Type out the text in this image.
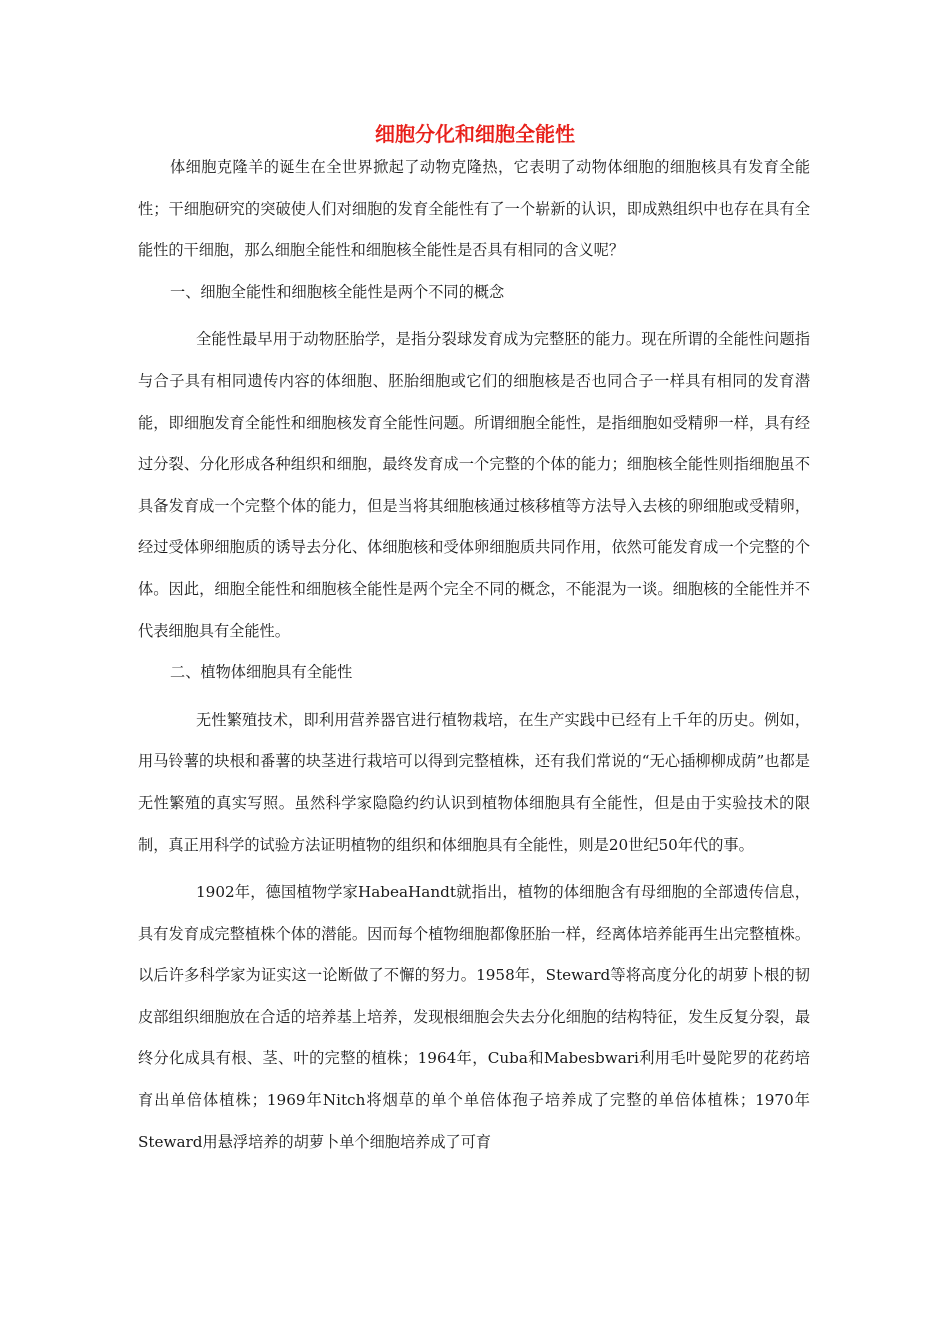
细胞分化和细胞全能性

体细胞克隆羊的诞生在全世界掀起了动物克隆热，它表明了动物体细胞的细胞核具有发育全能性；干细胞研究的突破使人们对细胞的发育全能性有了一个崭新的认识，即成熟组织中也存在具有全能性的干细胞，那么细胞全能性和细胞核全能性是否具有相同的含义呢？

一、细胞全能性和细胞核全能性是两个不同的概念

全能性最早用于动物胚胎学，是指分裂球发育成为完整胚的能力。现在所谓的全能性问题指与合子具有相同遗传内容的体细胞、胚胎细胞或它们的细胞核是否也同合子一样具有相同的发育潜能，即细胞发育全能性和细胞核发育全能性问题。所谓细胞全能性，是指细胞如受精卵一样，具有经过分裂、分化形成各种组织和细胞，最终发育成一个完整的个体的能力；细胞核全能性则指细胞虽不具备发育成一个完整个体的能力，但是当将其细胞核通过核移植等方法导入去核的卵细胞或受精卵，经过受体卵细胞质的诱导去分化、体细胞核和受体卵细胞质共同作用，依然可能发育成一个完整的个体。因此，细胞全能性和细胞核全能性是两个完全不同的概念，不能混为一谈。细胞核的全能性并不代表细胞具有全能性。

二、植物体细胞具有全能性

无性繁殖技术，即利用营养器官进行植物栽培，在生产实践中已经有上千年的历史。例如，用马铃薯的块根和番薯的块茎进行栽培可以得到完整植株，还有我们常说的“无心插柳柳成荫”也都是无性繁殖的真实写照。虽然科学家隐隐约约认识到植物体细胞具有全能性，但是由于实验技术的限制，真正用科学的试验方法证明植物的组织和体细胞具有全能性，则是20世纪50年代的事。

1902年，德国植物学家HabeaHandt就指出，植物的体细胞含有母细胞的全部遗传信息，具有发育成完整植株个体的潜能。因而每个植物细胞都像胚胎一样，经离体培养能再生出完整植株。以后许多科学家为证实这一论断做了不懈的努力。1958年，Steward等将高度分化的胡萝卜根的韧皮部组织细胞放在合适的培养基上培养，发现根细胞会失去分化细胞的结构特征，发生反复分裂，最终分化成具有根、茎、叶的完整的植株；1964年，Cuba和Mabesbwari利用毛叶曼陀罗的花药培育出单倍体植株；1969年Nitch将烟草的单个单倍体孢子培养成了完整的单倍体植株；1970年Steward用悬浮培养的胡萝卜单个细胞培养成了可育
